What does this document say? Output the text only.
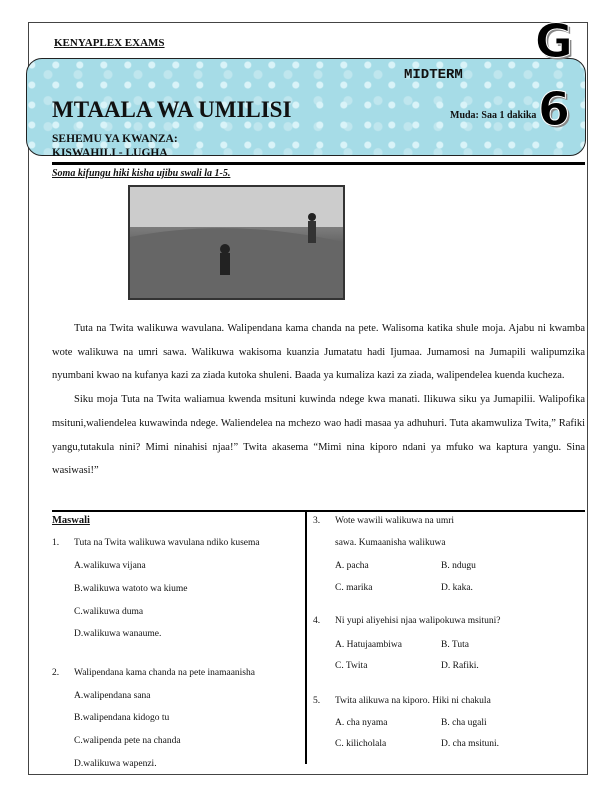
KENYAPLEX EXAMS
MIDTERM
MTAALA WA UMILISI
SEHEMU YA KWANZA:
KISWAHILI - LUGHA
Muda: Saa 1 dakika
G
6
Soma kifungu hiki kisha ujibu swali la 1-5.

Tuta na Twita walikuwa wavulana. Walipendana kama chanda na pete. Walisoma katika shule moja. Ajabu ni kwamba wote walikuwa na umri sawa. Walikuwa wakisoma kuanzia Jumatatu hadi Ijumaa. Jumamosi na Jumapili walipumzika nyumbani kwao na kufanya kazi za ziada kutoka shuleni. Baada ya kumaliza kazi za ziada, walipendelea kuenda kucheza.

Siku moja Tuta na Twita waliamua kwenda msituni kuwinda ndege kwa manati. Ilikuwa siku ya Jumapilii. Walipofika msituni,waliendelea kuwawinda ndege. Waliendelea na mchezo wao hadi masaa ya adhuhuri. Tuta akamwuliza Twita,” Rafiki yangu,tutakula nini? Mimi ninahisi njaa!” Twita akasema “Mimi nina kiporo ndani ya mfuko wa kaptura yangu. Sina wasiwasi!”

Maswali
1. Tuta na Twita walikuwa wavulana ndiko kusema
A.walikuwa vijana
B.walikuwa watoto wa kiume
C.walikuwa duma
D.walikuwa wanaume.
2. Walipendana kama chanda na pete inamaanisha
A.walipendana sana
B.walipendana kidogo tu
C.walipenda pete na chanda
D.walikuwa wapenzi.
3. Wote wawili walikuwa na umri
sawa. Kumaanisha walikuwa
A. pacha	B. ndugu
C. marika	D. kaka.
4. Ni yupi aliyehisi njaa walipokuwa msituni?
A. Hatujaambiwa	B. Tuta
C. Twita	D. Rafiki.
5. Twita alikuwa na kiporo. Hiki ni chakula
A. cha nyama	B. cha ugali
C. kilicholala	D. cha msituni.
